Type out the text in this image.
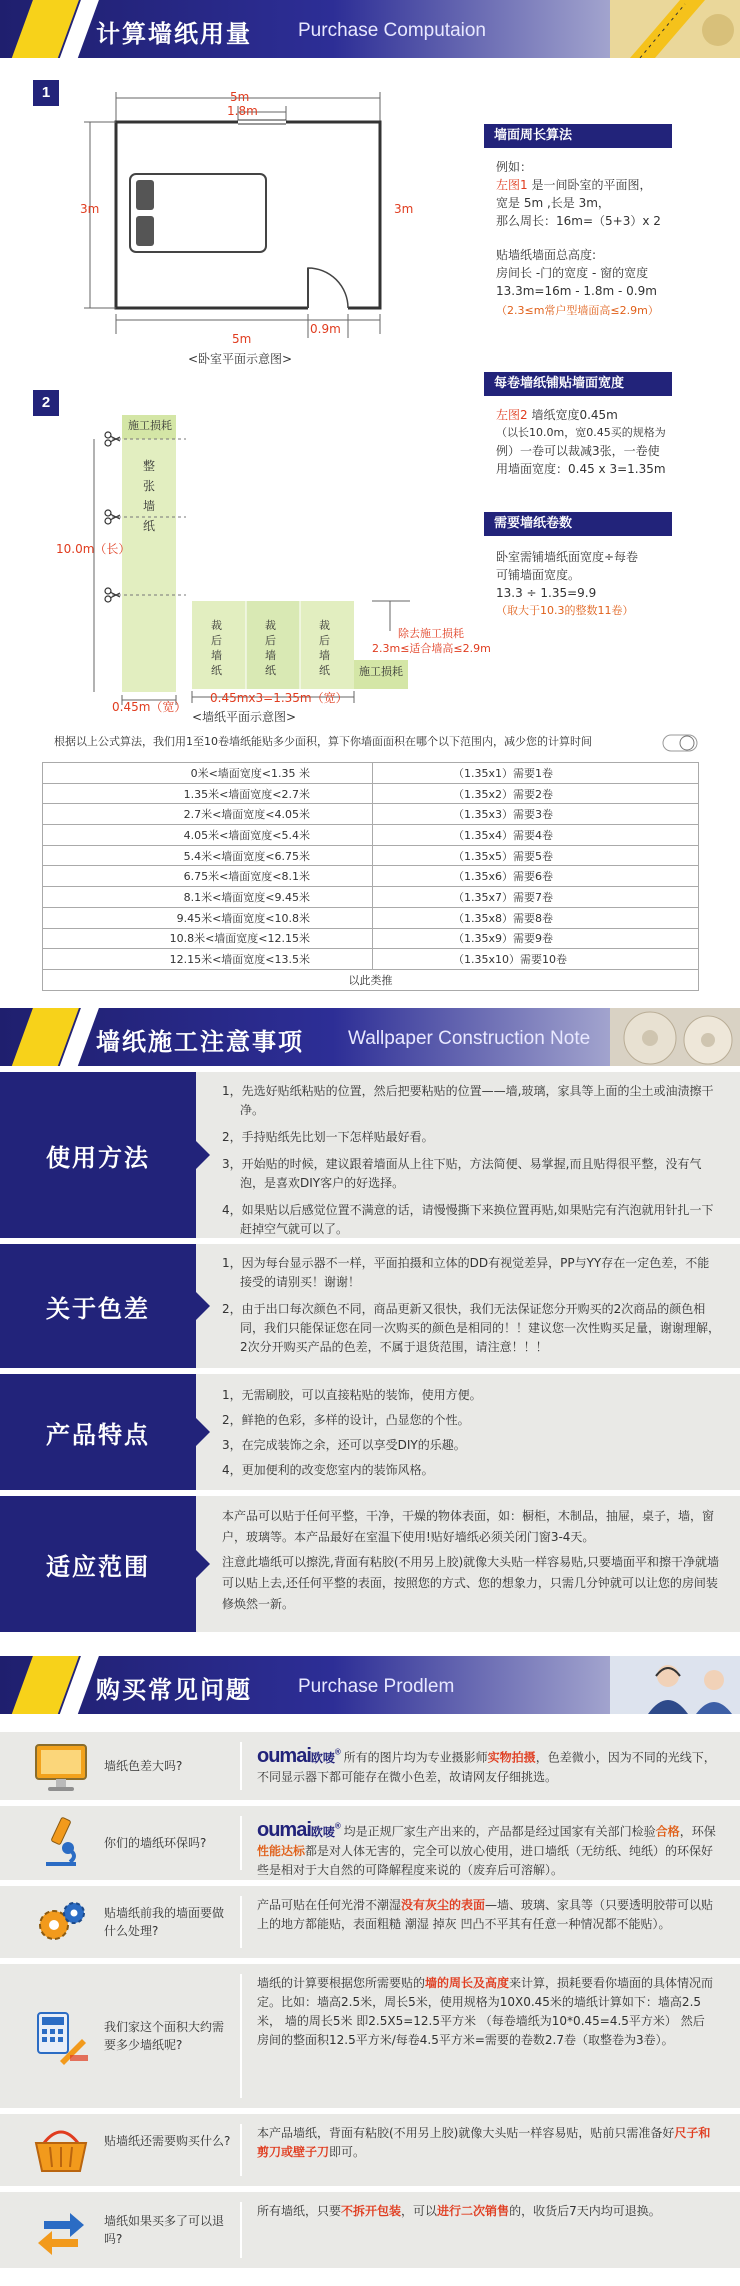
计算墙纸用量 Purchase Computaion
1	5m
1.8m
3m	3m
5m
0.9m
<卧室平面示意图>
墙面周长算法
例如：
左图1 是一间卧室的平面图，
宽是 5m ,长是 3m，
那么周长：16m=（5+3）x 2
贴墙纸墙面总高度:
房间长 -门的宽度 - 窗的宽度
13.3m=16m - 1.8m - 0.9m
（2.3≤m常户型墙面高≤2.9m）
2
施工损耗
整张墙纸
10.0m（长）
0.45m（宽）
裁后墙纸
裁后墙纸
裁后墙纸	施工损耗
除去施工损耗
2.3m≤适合墙高≤2.9m
0.45mx3=1.35m（宽）
<墙纸平面示意图>
每卷墙纸铺贴墙面宽度
左图2 墙纸宽度0.45m
（以长10.0m，宽0.45买的规格为
例）一卷可以裁减3张，一卷使
用墙面宽度：0.45 x 3=1.35m
需要墙纸卷数
卧室需铺墙纸面宽度÷每卷
可铺墙面宽度。
13.3 ÷ 1.35=9.9
（取大于10.3的整数11卷）
根据以上公式算法，我们用1至10卷墙纸能贴多少面积，算下你墙面面积在哪个以下范围内，减少您的计算时间
0米<墙面宽度<1.35 米	（1.35x1）需要1卷
1.35米<墙面宽度<2.7米	（1.35x2）需要2卷
2.7米<墙面宽度<4.05米	（1.35x3）需要3卷
4.05米<墙面宽度<5.4米	（1.35x4）需要4卷
5.4米<墙面宽度<6.75米	（1.35x5）需要5卷
6.75米<墙面宽度<8.1米	（1.35x6）需要6卷
8.1米<墙面宽度<9.45米	（1.35x7）需要7卷
9.45米<墙面宽度<10.8米	（1.35x8）需要8卷
10.8米<墙面宽度<12.15米	（1.35x9）需要9卷
12.15米<墙面宽度<13.5米	（1.35x10）需要10卷
以此类推	
墙纸施工注意事项 Wallpaper Construction Note
使用方法

1，先选好贴纸粘贴的位置，然后把要粘贴的位置——墙,玻璃，家具等上面的尘土或油渍擦干净。

2，手持贴纸先比划一下怎样贴最好看。

3，开始贴的时候，建议跟着墙面从上往下贴，方法简便、易掌握,而且贴得很平整，没有气泡，是喜欢DIY客户的好选择。

4，如果贴以后感觉位置不满意的话，请慢慢撕下来换位置再贴,如果贴完有汽泡就用针扎一下赶掉空气就可以了。

关于色差

1，因为每台显示器不一样，平面拍摄和立体的DD有视觉差异，PP与YY存在一定色差，不能接受的请别买！谢谢！

2，由于出口每次颜色不同，商品更新又很快，我们无法保证您分开购买的2次商品的颜色相同，我们只能保证您在同一次购买的颜色是相同的！！建议您一次性购买足量，谢谢理解，2次分开购买产品的色差，不属于退货范围，请注意！！！

产品特点

1，无需刷胶，可以直接粘贴的装饰，使用方便。

2，鲜艳的色彩，多样的设计，凸显您的个性。

3，在完成装饰之余，还可以享受DIY的乐趣。

4，更加便利的改变您室内的装饰风格。

适应范围

本产品可以贴于任何平整，干净，干燥的物体表面，如：橱柜，木制品，抽屉，桌子，墙，窗户，玻璃等。本产品最好在室温下使用!贴好墙纸必须关闭门窗3-4天。

注意此墙纸可以擦洗,背面有粘胶(不用另上胶)就像大头贴一样容易贴,只要墙面平和擦干净就墙可以贴上去,还任何平整的表面，按照您的方式、您的想象力，只需几分钟就可以让您的房间装修焕然一新。

购买常见问题 Purchase Prodlem
墙纸色差大吗?	oumai欧唛® 所有的图片均为专业摄影师实物拍摄，色差微小，因为不同的光线下，不同显示器下都可能存在微小色差，故请网友仔细挑选。
你们的墙纸环保吗?
oumai欧唛® 均是正规厂家生产出来的，产品都是经过国家有关部门检验合格，环保性能达标都是对人体无害的，完全可以放心使用，进口墙纸（无纺纸、纯纸）的环保好些是相对于大自然的可降解程度来说的（废弃后可溶解）。
贴墙纸前我的墙面要做什么处理?
产品可贴在任何光滑不潮湿没有灰尘的表面—墙、玻璃、家具等（只要透明胶带可以贴上的地方都能贴，表面粗糙 潮湿 掉灰 凹凸不平其有任意一种情况都不能贴）。
我们家这个面积大约需要多少墙纸呢?
墙纸的计算要根据您所需要贴的墙的周长及高度来计算，损耗要看你墙面的具体情况而定。比如：墙高2.5米，周长5米，使用规格为10X0.45米的墙纸计算如下：墙高2.5米， 墙的周长5米 即2.5X5=12.5平方米 （每卷墙纸为10*0.45=4.5平方米） 然后房间的整面积12.5平方米/每卷4.5平方米=需要的卷数2.7卷（取整卷为3卷）。
贴墙纸还需要购买什么?
本产品墙纸，背面有粘胶(不用另上胶)就像大头贴一样容易贴，贴前只需准备好尺子和剪刀或壁子刀即可。
墙纸如果买多了可以退吗?
所有墙纸，只要不拆开包装，可以进行二次销售的，收货后7天内均可退换。
